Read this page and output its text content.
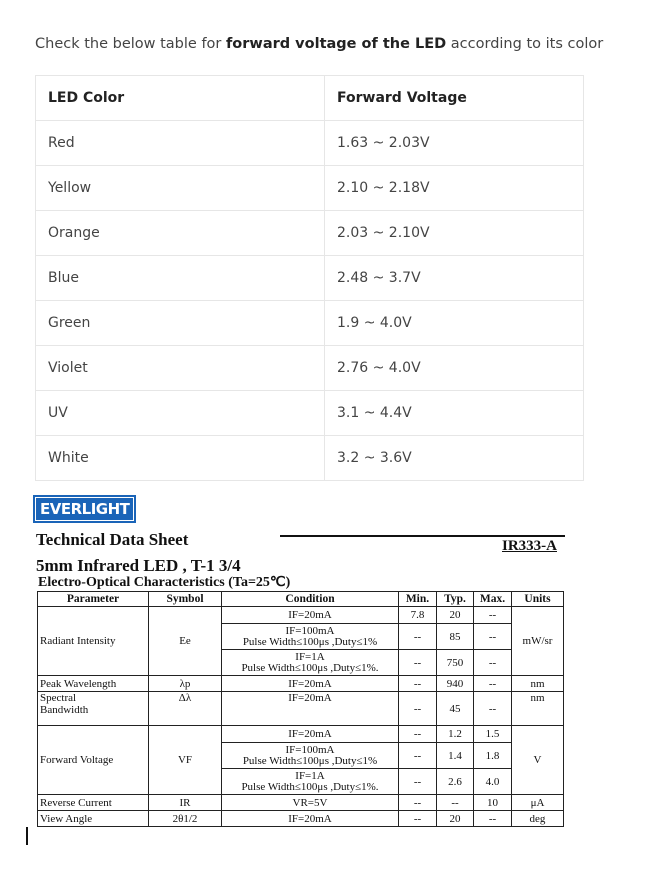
Check the below table for forward voltage of the LED according to its color
LED Color	Forward Voltage
Red	1.63 ~ 2.03V
Yellow	2.10 ~ 2.18V
Orange	2.03 ~ 2.10V
Blue	2.48 ~ 3.7V
Green	1.9 ~ 4.0V
Violet	2.76 ~ 4.0V
UV	3.1 ~ 4.4V
White	3.2 ~ 3.6V
EVERLIGHT
Technical Data Sheet	IR333-A
5mm Infrared LED , T-1 3/4
Electro-Optical Characteristics (Ta=25℃)
Parameter	Symbol	Condition	Min.	Typ.	Max.	Units
Radiant Intensity	Ee	IF=20mA	7.8	20	--	mW/sr

		IF=100mA
Pulse Width≤100μs ,Duty≤1%	--	85	--	

		IF=1A
Pulse Width≤100μs ,Duty≤1%.	--	750	--	
Peak Wavelength	λp	IF=20mA	--	940	--	nm

Spectral
Bandwidth	Δλ	IF=20mA	--	45	--	nm
Forward Voltage	VF	IF=20mA	--	1.2	1.5	V

		IF=100mA
Pulse Width≤100μs ,Duty≤1%	--	1.4	1.8	

		IF=1A
Pulse Width≤100μs ,Duty≤1%.	--	2.6	4.0	
Reverse Current	IR	VR=5V	--	--	10	μA
View Angle	2θ1/2	IF=20mA	--	20	--	deg
